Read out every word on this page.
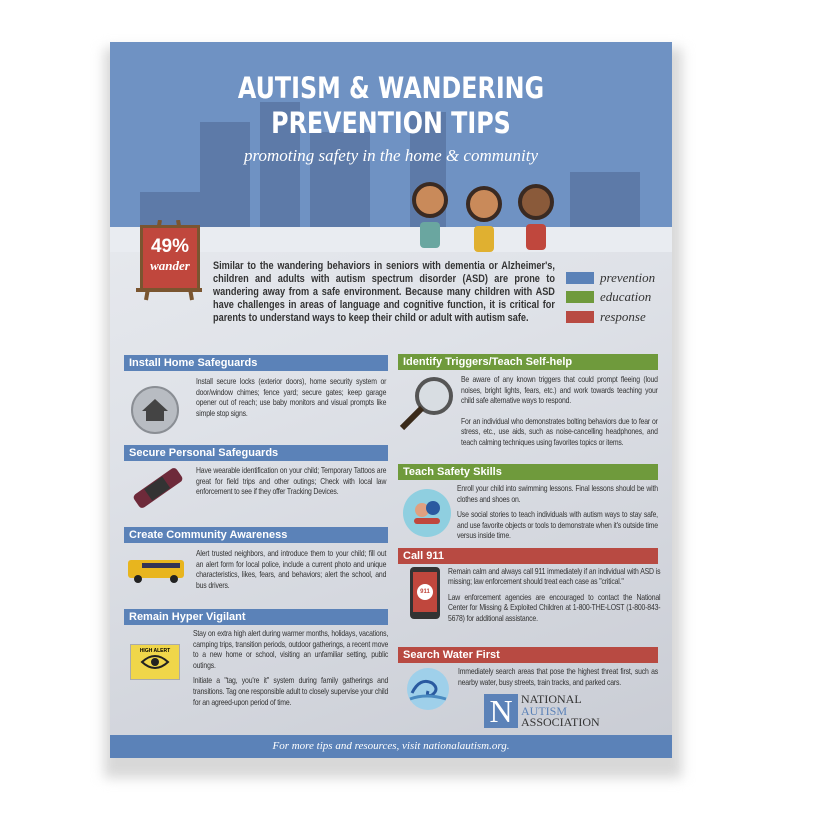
AUTISM & WANDERING
PREVENTION TIPS
promoting safety in the home & community
49%
wander	Similar to the wandering behaviors in seniors with dementia or Alzheimer's, children and adults with autism spectrum disorder (ASD) are prone to wandering away from a safe environment. Because many children with ASD have challenges in areas of language and cognitive function, it is critical for parents to understand ways to keep their child or adult with autism safe.
prevention
education
response
Install Home Safeguards

Install secure locks (exterior doors), home security system or door/window chimes; fence yard; secure gates; keep garage opener out of reach; use baby monitors and visual prompts like simple stop signs.

Secure Personal Safeguards

Have wearable identification on your child; Temporary Tattoos are great for field trips and other outings; Check with local law enforcement to see if they offer Tracking Devices.

Create Community Awareness

Alert trusted neighbors, and introduce them to your child; fill out an alert form for local police, include a current photo and unique characteristics, likes, fears, and behaviors; alert the school, and bus drivers.

Remain Hyper Vigilant
HIGH ALERT

Stay on extra high alert during warmer months, holidays, vacations, camping trips, transition periods, outdoor gatherings, a recent move to a new home or school, visiting an unfamiliar setting, public outings.

Initiate a "tag, you're it" system during family gatherings and transitions. Tag one responsible adult to closely supervise your child for an agreed-upon period of time.

Identify Triggers/Teach Self-help

Be aware of any known triggers that could prompt fleeing (loud noises, bright lights, fears, etc.) and work towards teaching your child safe alternative ways to respond.

For an individual who demonstrates bolting behaviors due to fear or stress, etc., use aids, such as noise-cancelling headphones, and teach calming techniques using favorites topics or items.

Teach Safety Skills

Enroll your child into swimming lessons. Final lessons should be with clothes and shoes on.

Use social stories to teach individuals with autism ways to stay safe, and use favorite objects or tools to demonstrate when it's outside time versus inside time.

Call 911
911

Remain calm and always call 911 immediately if an individual with ASD is missing; law enforcement should treat each case as "critical."

Law enforcement agencies are encouraged to contact the National Center for Missing & Exploited Children at 1-800-THE-LOST (1-800-843-5678) for additional assistance.

Search Water First

Immediately search areas that pose the highest threat first, such as nearby water, busy streets, train tracks, and parked cars.

N NATIONAL
AUTISM
ASSOCIATION
For more tips and resources, visit nationalautism.org.
